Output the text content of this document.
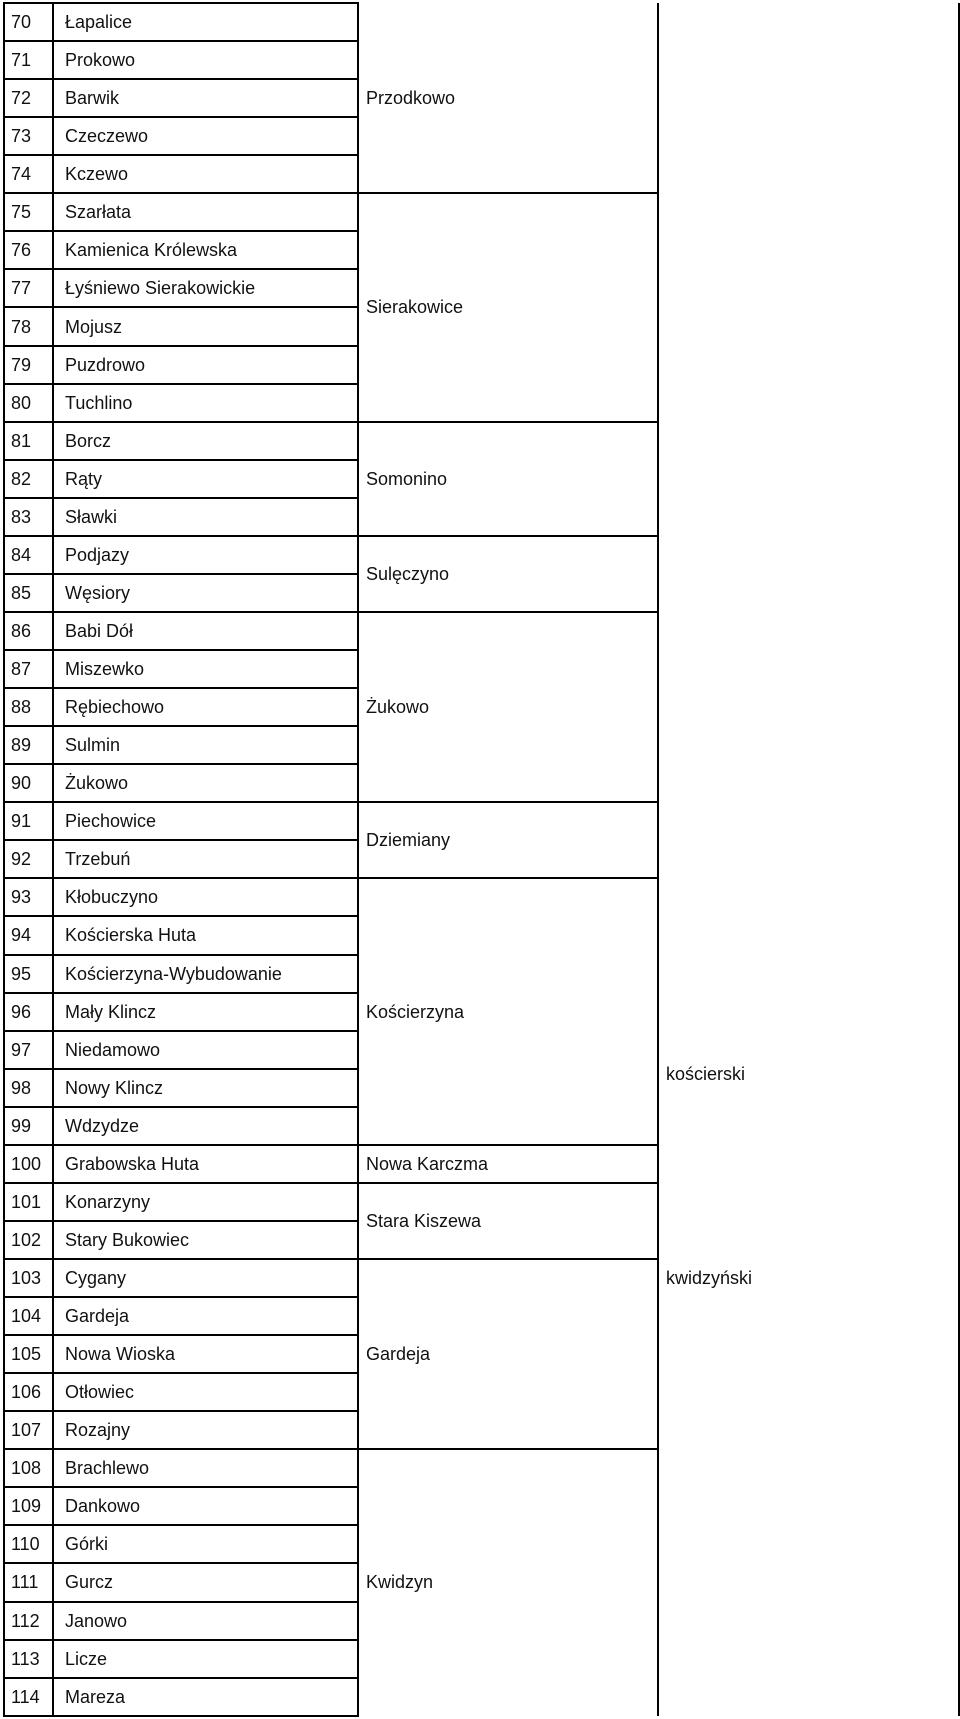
70 Łapalice
71 Prokowo
72 Barwik
73 Czeczewo
74 Kczewo
75 Szarłata
76 Kamienica Królewska
77 Łyśniewo Sierakowickie
78 Mojusz
79 Puzdrowo
80 Tuchlino
81 Borcz
82 Rąty
83 Sławki
84 Podjazy
85 Węsiory
86 Babi Dół
87 Miszewko
88 Rębiechowo
89 Sulmin
90 Żukowo
91 Piechowice
92 Trzebuń
93 Kłobuczyno
94 Kościerska Huta
95 Kościerzyna-Wybudowanie
96 Mały Klincz
97 Niedamowo
98 Nowy Klincz
99 Wdzydze
100 Grabowska Huta
101 Konarzyny
102 Stary Bukowiec
103 Cygany
104 Gardeja
105 Nowa Wioska
106 Otłowiec
107 Rozajny
108 Brachlewo
109 Dankowo
110 Górki
111 Gurcz
112 Janowo
113 Licze
114 Mareza
Przodkowo
Sierakowice
Somonino
Sulęczyno
Żukowo
Dziemiany
Kościerzyna
Nowa Karczma
Stara Kiszewa
Gardeja
Kwidzyn
kościerski
kwidzyński
